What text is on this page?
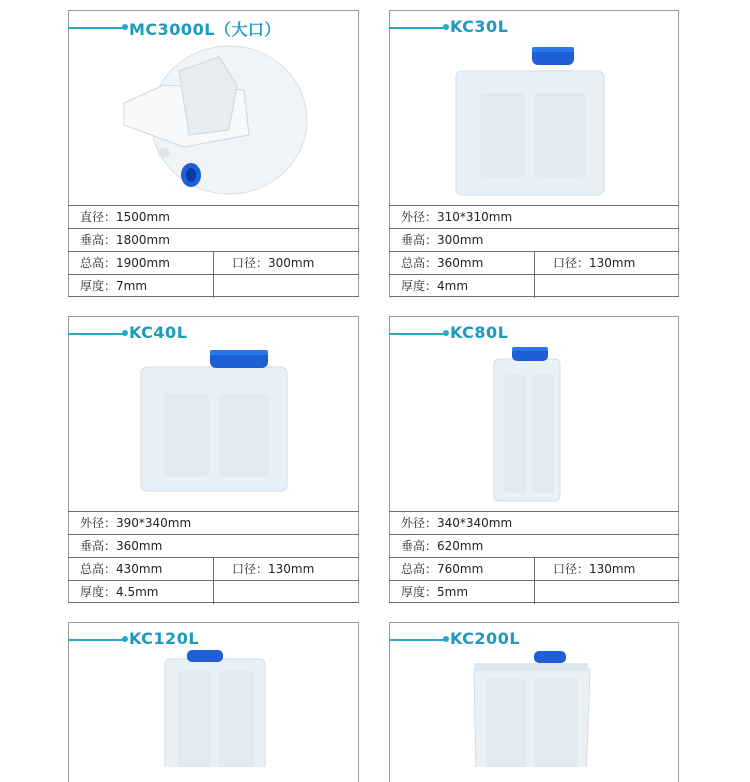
MC3000L（大口）
直径：1500mm
垂高：1800mm
总高：1900mm	口径：300mm
厚度：7mm
KC30L
外径：310*310mm
垂高：300mm
总高：360mm	口径：130mm
厚度：4mm
KC40L
外径：390*340mm
垂高：360mm
总高：430mm	口径：130mm
厚度：4.5mm
KC80L
外径：340*340mm
垂高：620mm
总高：760mm	口径：130mm
厚度：5mm
KC120L	KC200L
